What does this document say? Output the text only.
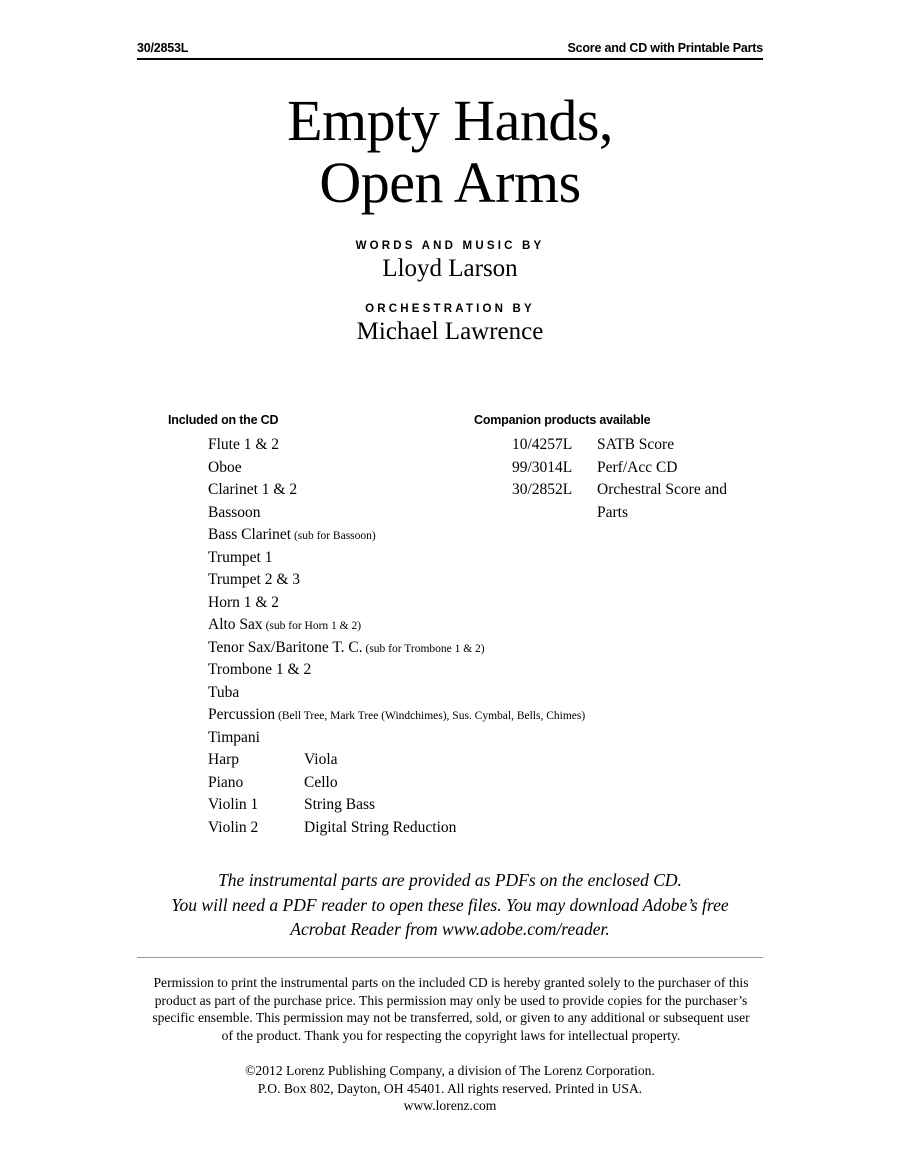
30/2853L	Score and CD with Printable Parts
Empty Hands,
Open Arms
WORDS AND MUSIC BY
Lloyd Larson
ORCHESTRATION BY
Michael Lawrence
Included on the CD	Companion products available
Flute 1 & 2
Oboe
Clarinet 1 & 2
Bassoon
Bass Clarinet (sub for Bassoon)
Trumpet 1
Trumpet 2 & 3
Horn 1 & 2
Alto Sax (sub for Horn 1 & 2)
Tenor Sax/Baritone T. C. (sub for Trombone 1 & 2)
Trombone 1 & 2
Tuba
Percussion (Bell Tree, Mark Tree (Windchimes), Sus. Cymbal, Bells, Chimes)
Timpani
Harp	Viola
Piano	Cello
Violin 1	String Bass
Violin 2	Digital String Reduction
10/4257L	SATB Score
99/3014L	Perf/Acc CD
30/2852L	Orchestral Score and
Parts
The instrumental parts are provided as PDFs on the enclosed CD.
You will need a PDF reader to open these files. You may download Adobe’s free
Acrobat Reader from www.adobe.com/reader.
Permission to print the instrumental parts on the included CD is hereby granted solely to the purchaser of this product as part of the purchase price. This permission may only be used to provide copies for the purchaser’s specific ensemble. This permission may not be transferred, sold, or given to any additional or subsequent user of the product. Thank you for respecting the copyright laws for intellectual property.
©2012 Lorenz Publishing Company, a division of The Lorenz Corporation.
P.O. Box 802, Dayton, OH 45401. All rights reserved. Printed in USA.
www.lorenz.com
